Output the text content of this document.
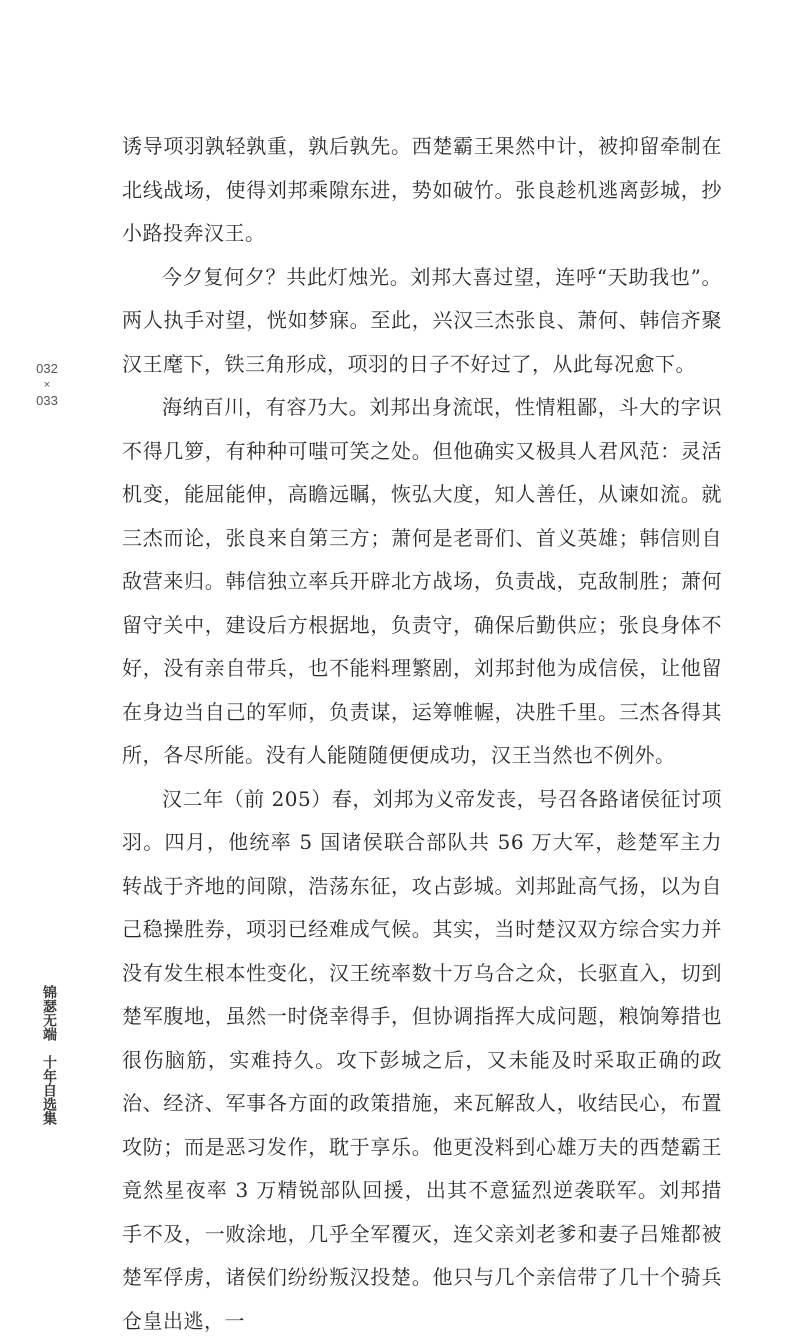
032
×
033
锦瑟无端十年自选集

诱导项羽孰轻孰重，孰后孰先。西楚霸王果然中计，被抑留牵制在北线战场，使得刘邦乘隙东进，势如破竹。张良趁机逃离彭城，抄小路投奔汉王。

今夕复何夕？共此灯烛光。刘邦大喜过望，连呼“天助我也”。两人执手对望，恍如梦寐。至此，兴汉三杰张良、萧何、韩信齐聚汉王麾下，铁三角形成，项羽的日子不好过了，从此每况愈下。

海纳百川，有容乃大。刘邦出身流氓，性情粗鄙，斗大的字识不得几箩，有种种可嗤可笑之处。但他确实又极具人君风范：灵活机变，能屈能伸，高瞻远瞩，恢弘大度，知人善任，从谏如流。就三杰而论，张良来自第三方；萧何是老哥们、首义英雄；韩信则自敌营来归。韩信独立率兵开辟北方战场，负责战，克敌制胜；萧何留守关中，建设后方根据地，负责守，确保后勤供应；张良身体不好，没有亲自带兵，也不能料理繁剧，刘邦封他为成信侯，让他留在身边当自己的军师，负责谋，运筹帷幄，决胜千里。三杰各得其所，各尽所能。没有人能随随便便成功，汉王当然也不例外。

汉二年（前 205）春，刘邦为义帝发丧，号召各路诸侯征讨项羽。四月，他统率 5 国诸侯联合部队共 56 万大军，趁楚军主力转战于齐地的间隙，浩荡东征，攻占彭城。刘邦趾高气扬，以为自己稳操胜券，项羽已经难成气候。其实，当时楚汉双方综合实力并没有发生根本性变化，汉王统率数十万乌合之众，长驱直入，切到楚军腹地，虽然一时侥幸得手，但协调指挥大成问题，粮饷筹措也很伤脑筋，实难持久。攻下彭城之后，又未能及时采取正确的政治、经济、军事各方面的政策措施，来瓦解敌人，收结民心，布置攻防；而是恶习发作，耽于享乐。他更没料到心雄万夫的西楚霸王竟然星夜率 3 万精锐部队回援，出其不意猛烈逆袭联军。刘邦措手不及，一败涂地，几乎全军覆灭，连父亲刘老爹和妻子吕雉都被楚军俘虏，诸侯们纷纷叛汉投楚。他只与几个亲信带了几十个骑兵仓皇出逃，一
